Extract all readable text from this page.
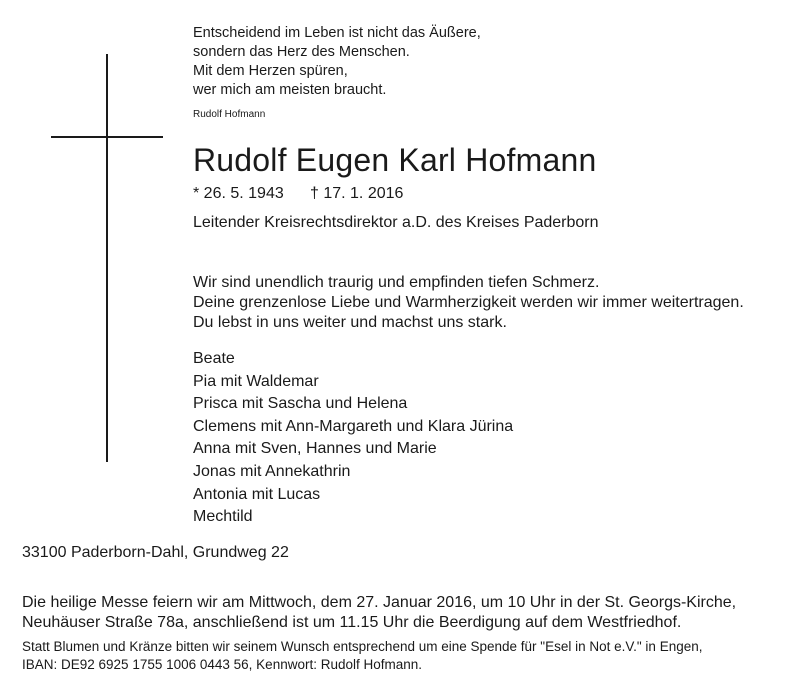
Entscheidend im Leben ist nicht das Äußere,
sondern das Herz des Menschen.
Mit dem Herzen spüren,
wer mich am meisten braucht.

Rudolf Hofmann
Rudolf Eugen Karl Hofmann
* 26. 5. 1943 † 17. 1. 2016
Leitender Kreisrechtsdirektor a.D. des Kreises Paderborn
Wir sind unendlich traurig und empfinden tiefen Schmerz.
Deine grenzenlose Liebe und Warmherzigkeit werden wir immer weitertragen.
Du lebst in uns weiter und machst uns stark.
Beate
Pia mit Waldemar
Prisca mit Sascha und Helena
Clemens mit Ann-Margareth und Klara Jürina
Anna mit Sven, Hannes und Marie
Jonas mit Annekathrin
Antonia mit Lucas
Mechtild
33100 Paderborn-Dahl, Grundweg 22
Die heilige Messe feiern wir am Mittwoch, dem 27. Januar 2016, um 10 Uhr in der St. Georgs-Kirche,
Neuhäuser Straße 78a, anschließend ist um 11.15 Uhr die Beerdigung auf dem Westfriedhof.
Statt Blumen und Kränze bitten wir seinem Wunsch entsprechend um eine Spende für "Esel in Not e.V." in Engen,
IBAN: DE92 6925 1755 1006 0443 56, Kennwort: Rudolf Hofmann.
